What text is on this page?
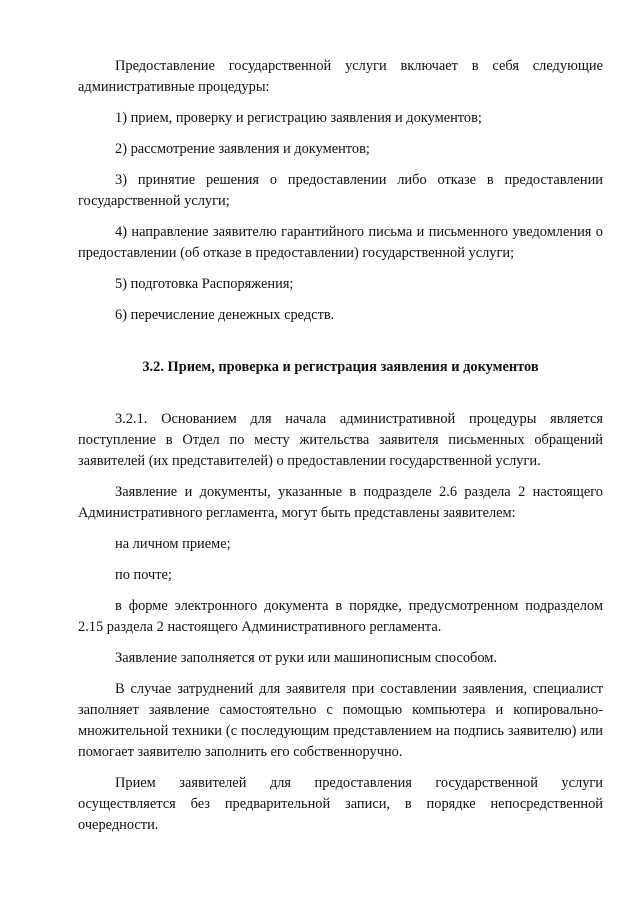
Предоставление государственной услуги включает в себя следующие административные процедуры:

1) прием, проверку и регистрацию заявления и документов;

2) рассмотрение заявления и документов;

3) принятие решения о предоставлении либо отказе в предоставлении государственной услуги;

4) направление заявителю гарантийного письма и письменного уведомления о предоставлении (об отказе в предоставлении) государственной услуги;

5) подготовка Распоряжения;

6) перечисление денежных средств.

3.2. Прием, проверка и регистрация заявления и документов

3.2.1. Основанием для начала административной процедуры является поступление в Отдел по месту жительства заявителя письменных обращений заявителей (их представителей) о предоставлении государственной услуги.

Заявление и документы, указанные в подразделе 2.6 раздела 2 настоящего Административного регламента, могут быть представлены заявителем:

на личном приеме;

по почте;

в форме электронного документа в порядке, предусмотренном подразделом 2.15 раздела 2 настоящего Административного регламента.

Заявление заполняется от руки или машинописным способом.

В случае затруднений для заявителя при составлении заявления, специалист заполняет заявление самостоятельно с помощью компьютера и копировально-множительной техники (с последующим представлением на подпись заявителю) или помогает заявителю заполнить его собственноручно.

Прием заявителей для предоставления государственной услуги осуществляется без предварительной записи, в порядке непосредственной очередности.
